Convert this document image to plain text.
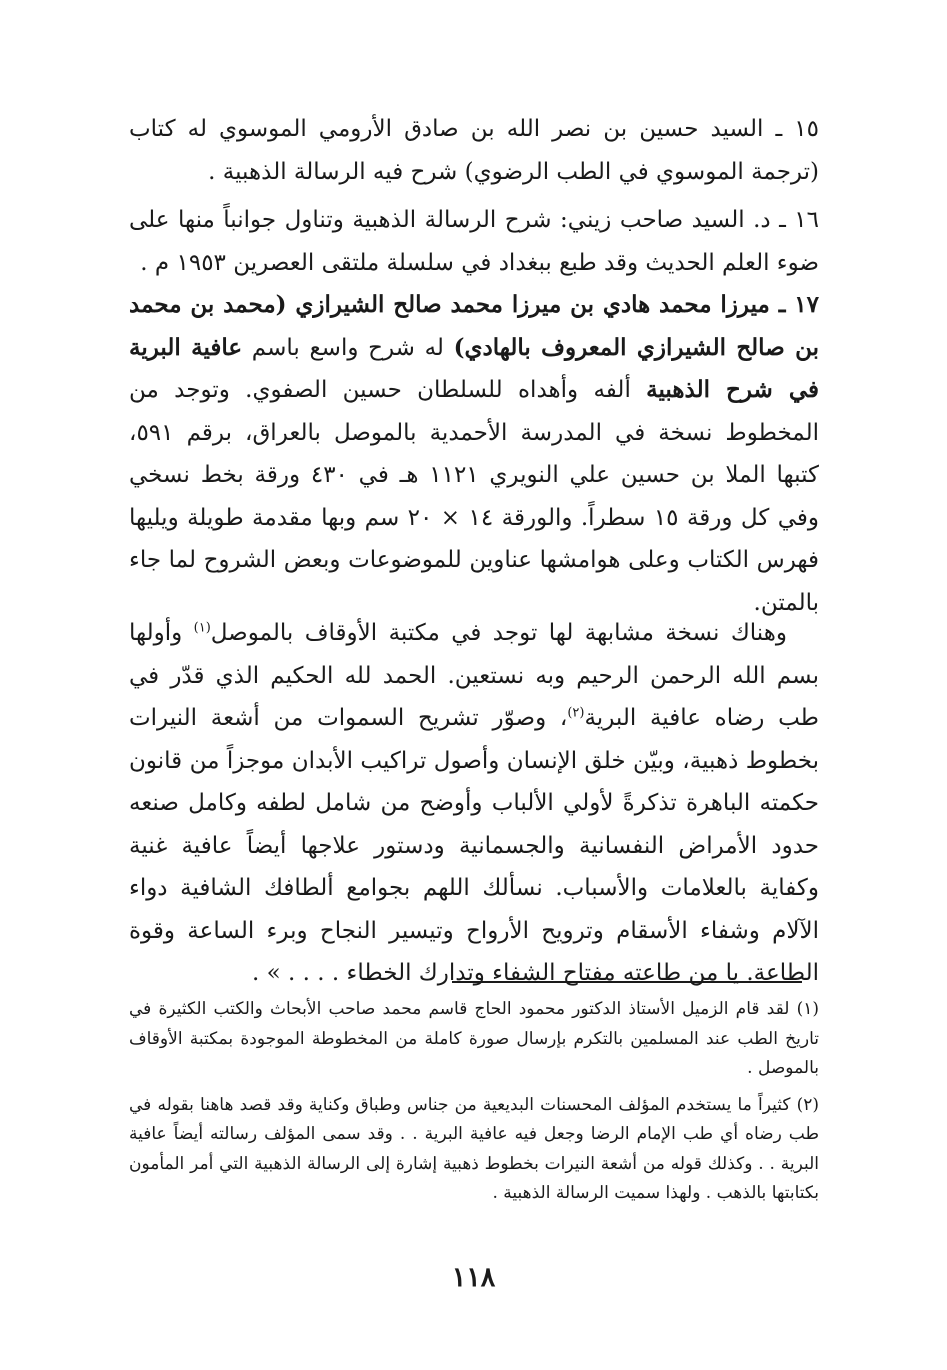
١٥ ـ السيد حسين بن نصر الله بن صادق الأرومي الموسوي له كتاب (ترجمة الموسوي في الطب الرضوي) شرح فيه الرسالة الذهبية .

١٦ ـ د. السيد صاحب زيني: شرح الرسالة الذهبية وتناول جوانباً منها على ضوء العلم الحديث وقد طبع ببغداد في سلسلة ملتقى العصرين ١٩٥٣ م .

١٧ ـ ميرزا محمد هادي بن ميرزا محمد صالح الشيرازي (محمد بن محمد بن صالح الشيرازي المعروف بالهادي) له شرح واسع باسم عافية البرية في شرح الذهبية ألفه وأهداه للسلطان حسين الصفوي. وتوجد من المخطوط نسخة في المدرسة الأحمدية بالموصل بالعراق، برقم ٥٩١، كتبها الملا بن حسين علي النويري ١١٢١ هـ في ٤٣٠ ورقة بخط نسخي وفي كل ورقة ١٥ سطراً. والورقة ١٤ × ٢٠ سم وبها مقدمة طويلة ويليها فهرس الكتاب وعلى هوامشها عناوين للموضوعات وبعض الشروح لما جاء بالمتن.

وهناك نسخة مشابهة لها توجد في مكتبة الأوقاف بالموصل$^{(١)}$ وأولها بسم الله الرحمن الرحيم وبه نستعين. الحمد لله الحكيم الذي قدّر في طب رضاه عافية البرية$^{(٢)}$، وصوّر تشريح السموات من أشعة النيرات بخطوط ذهبية، وبيّن خلق الإنسان وأصول تراكيب الأبدان موجزاً من قانون حكمته الباهرة تذكرةً لأولي الألباب وأوضح من شامل لطفه وكامل صنعه حدود الأمراض النفسانية والجسمانية ودستور علاجها أيضاً عافية غنية وكفاية بالعلامات والأسباب. نسألك اللهم بجوامع ألطافك الشافية دواء الآلام وشفاء الأسقام وترويح الأرواح وتيسير النجاح وبرء الساعة وقوة الطاعة. يا من طاعته مفتاح الشفاء وتدارك الخطاء . . . . » .

(١) لقد قام الزميل الأستاذ الدكتور محمود الحاج قاسم محمد صاحب الأبحاث والكتب الكثيرة في تاريخ الطب عند المسلمين بالتكرم بإرسال صورة كاملة من المخطوطة الموجودة بمكتبة الأوقاف بالموصل .

(٢) كثيراً ما يستخدم المؤلف المحسنات البديعية من جناس وطباق وكناية وقد قصد هاهنا بقوله في طب رضاه أي طب الإمام الرضا وجعل فيه عافية البرية . . وقد سمى المؤلف رسالته أيضاً عافية البرية . . وكذلك قوله من أشعة النيرات بخطوط ذهبية إشارة إلى الرسالة الذهبية التي أمر المأمون بكتابتها بالذهب . ولهذا سميت الرسالة الذهبية .

١١٨
